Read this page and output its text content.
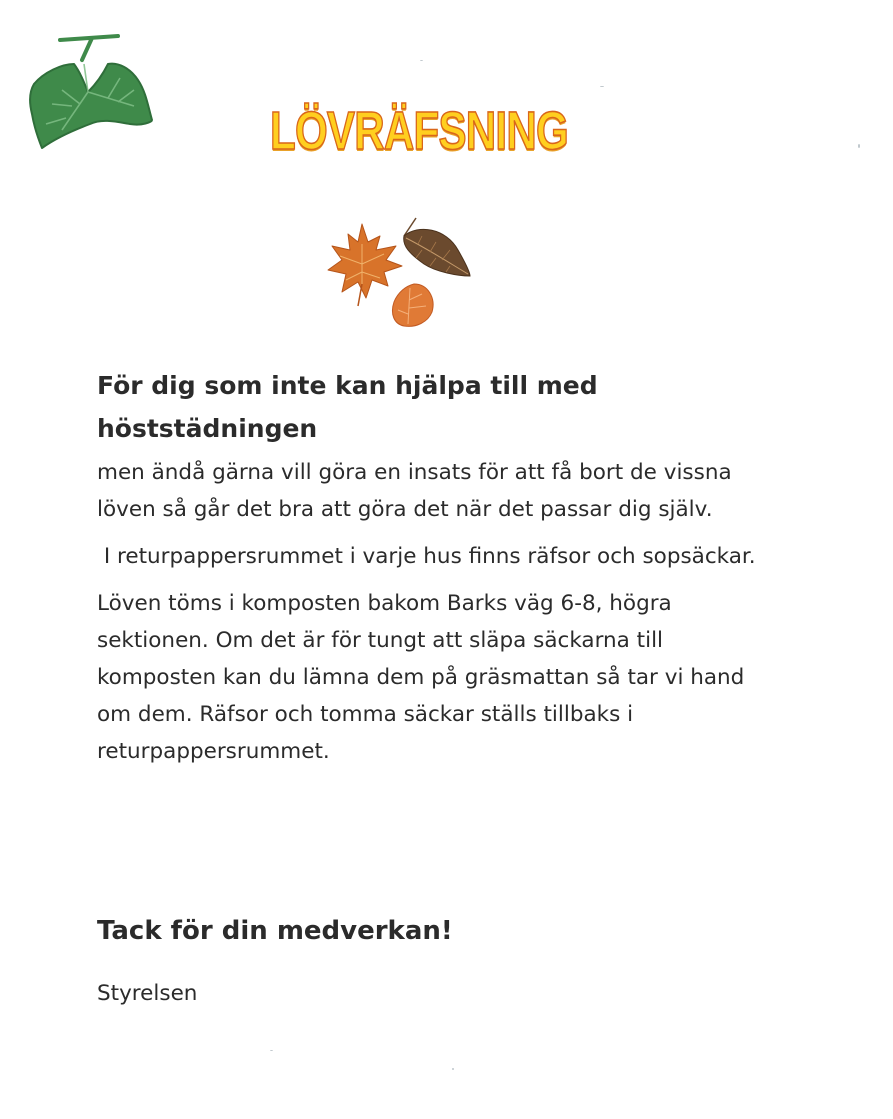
LÖVRÄFSNING

För dig som inte kan hjälpa till med

höststädningen

men ändå gärna vill göra en insats för att få bort de vissna

löven så går det bra att göra det när det passar dig själv.

I returpappersrummet i varje hus finns räfsor och sopsäckar.

Löven töms i komposten bakom Barks väg 6-8, högra

sektionen. Om det är för tungt att släpa säckarna till

komposten kan du lämna dem på gräsmattan så tar vi hand

om dem. Räfsor och tomma säckar ställs tillbaks i

returpappersrummet.

Tack för din medverkan!
Styrelsen
